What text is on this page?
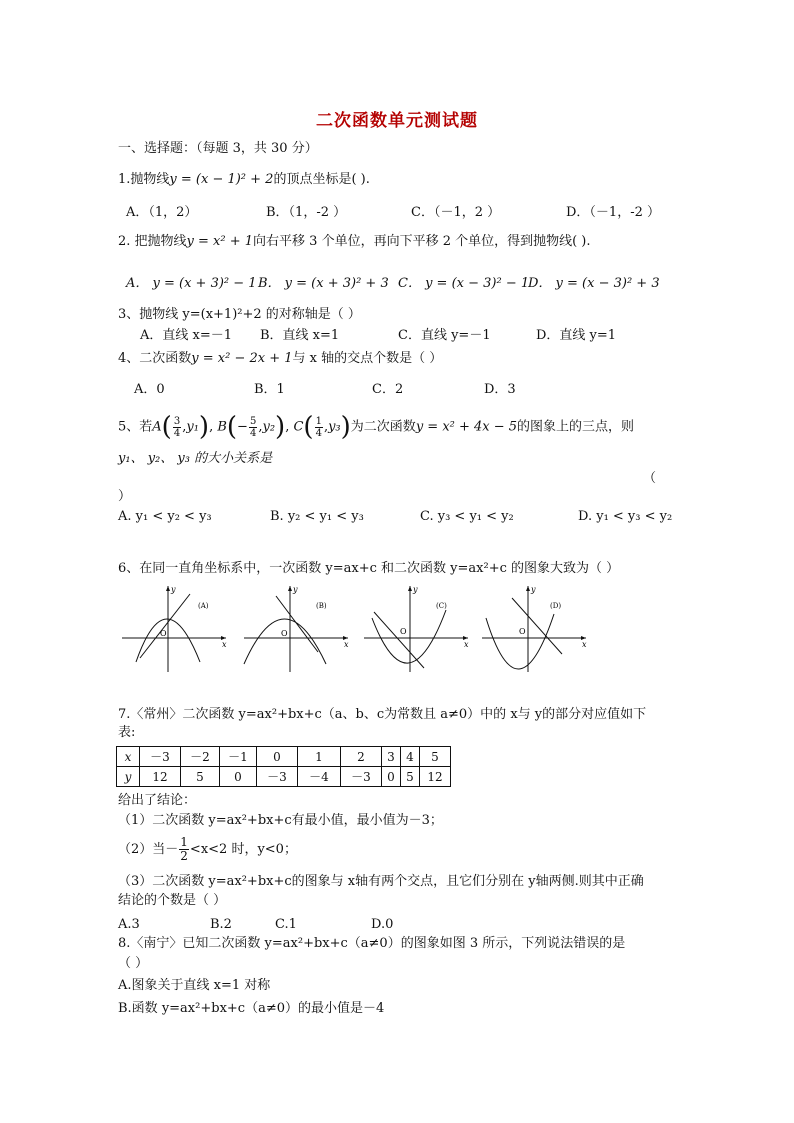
二次函数单元测试题
一、选择题：（每题 3，共 30 分）
1.抛物线y = (x − 1)² + 2的顶点坐标是( ).
A．（1，2）	B．（1，-2 ）	C．（－1，2 ）	D．（－1，-2 ）
2. 把抛物线y = x² + 1向右平移 3 个单位，再向下平移 2 个单位，得到抛物线( ).
A． y = (x + 3)² − 1 B． y = (x + 3)² + 3 C． y = (x − 3)² − 1
D． y = (x − 3)² + 3
3、抛物线 y=(x+1)²+2 的对称轴是（ ）
A．直线 x=－1 B．直线 x=1	C．直线 y=－1	D．直线 y=1
4、二次函数y = x² − 2x + 1与 x 轴的交点个数是（ ）
A．0	B．1	C．2	D．3
5、若$A( \frac{3}{4} ,y_1)$, $B(- \frac{5}{4} ,y_2)$, $C( \frac{1}{4} ,y_3)$为二次函数y = x² + 4x − 5的图象上的三点，则
y₁、 y₂、 y₃ 的大小关系是
（
）
A. y₁ < y₂ < y₃	B. y₂ < y₁ < y₃	C. y₃ < y₁ < y₂	D. y₁ < y₃ < y₂
6、在同一直角坐标系中，一次函数 y=ax+c 和二次函数 y=ax²+c 的图象大致为（ ）
x
y
O
(A)
x
y
O
(B)
x
y
O
(C)
x
y
O
(D)
7.〈常州〉二次函数 y=ax²+bx+c（a、b、c为常数且 a≠0）中的 x与 y的部分对应值如下
表:
x	－3	－2	－1	0	1	2	3	4	5
y	12	5	0	－3	－4	－3	0	5	12
给出了结论：
（1）二次函数 y=ax²+bx+c有最小值，最小值为－3；
（2）当－ $\frac{1}{2} <x<2$ 时，y<0；
（3）二次函数 y=ax²+bx+c的图象与 x轴有两个交点，且它们分别在 y轴两侧.则其中正确
结论的个数是（ ）
A.3	B.2	C.1	D.0
8.〈南宁〉已知二次函数 y=ax²+bx+c（a≠0）的图象如图 3 所示，下列说法错误的是
（ ）
A.图象关于直线 x=1 对称
B.函数 y=ax²+bx+c（a≠0）的最小值是－4
